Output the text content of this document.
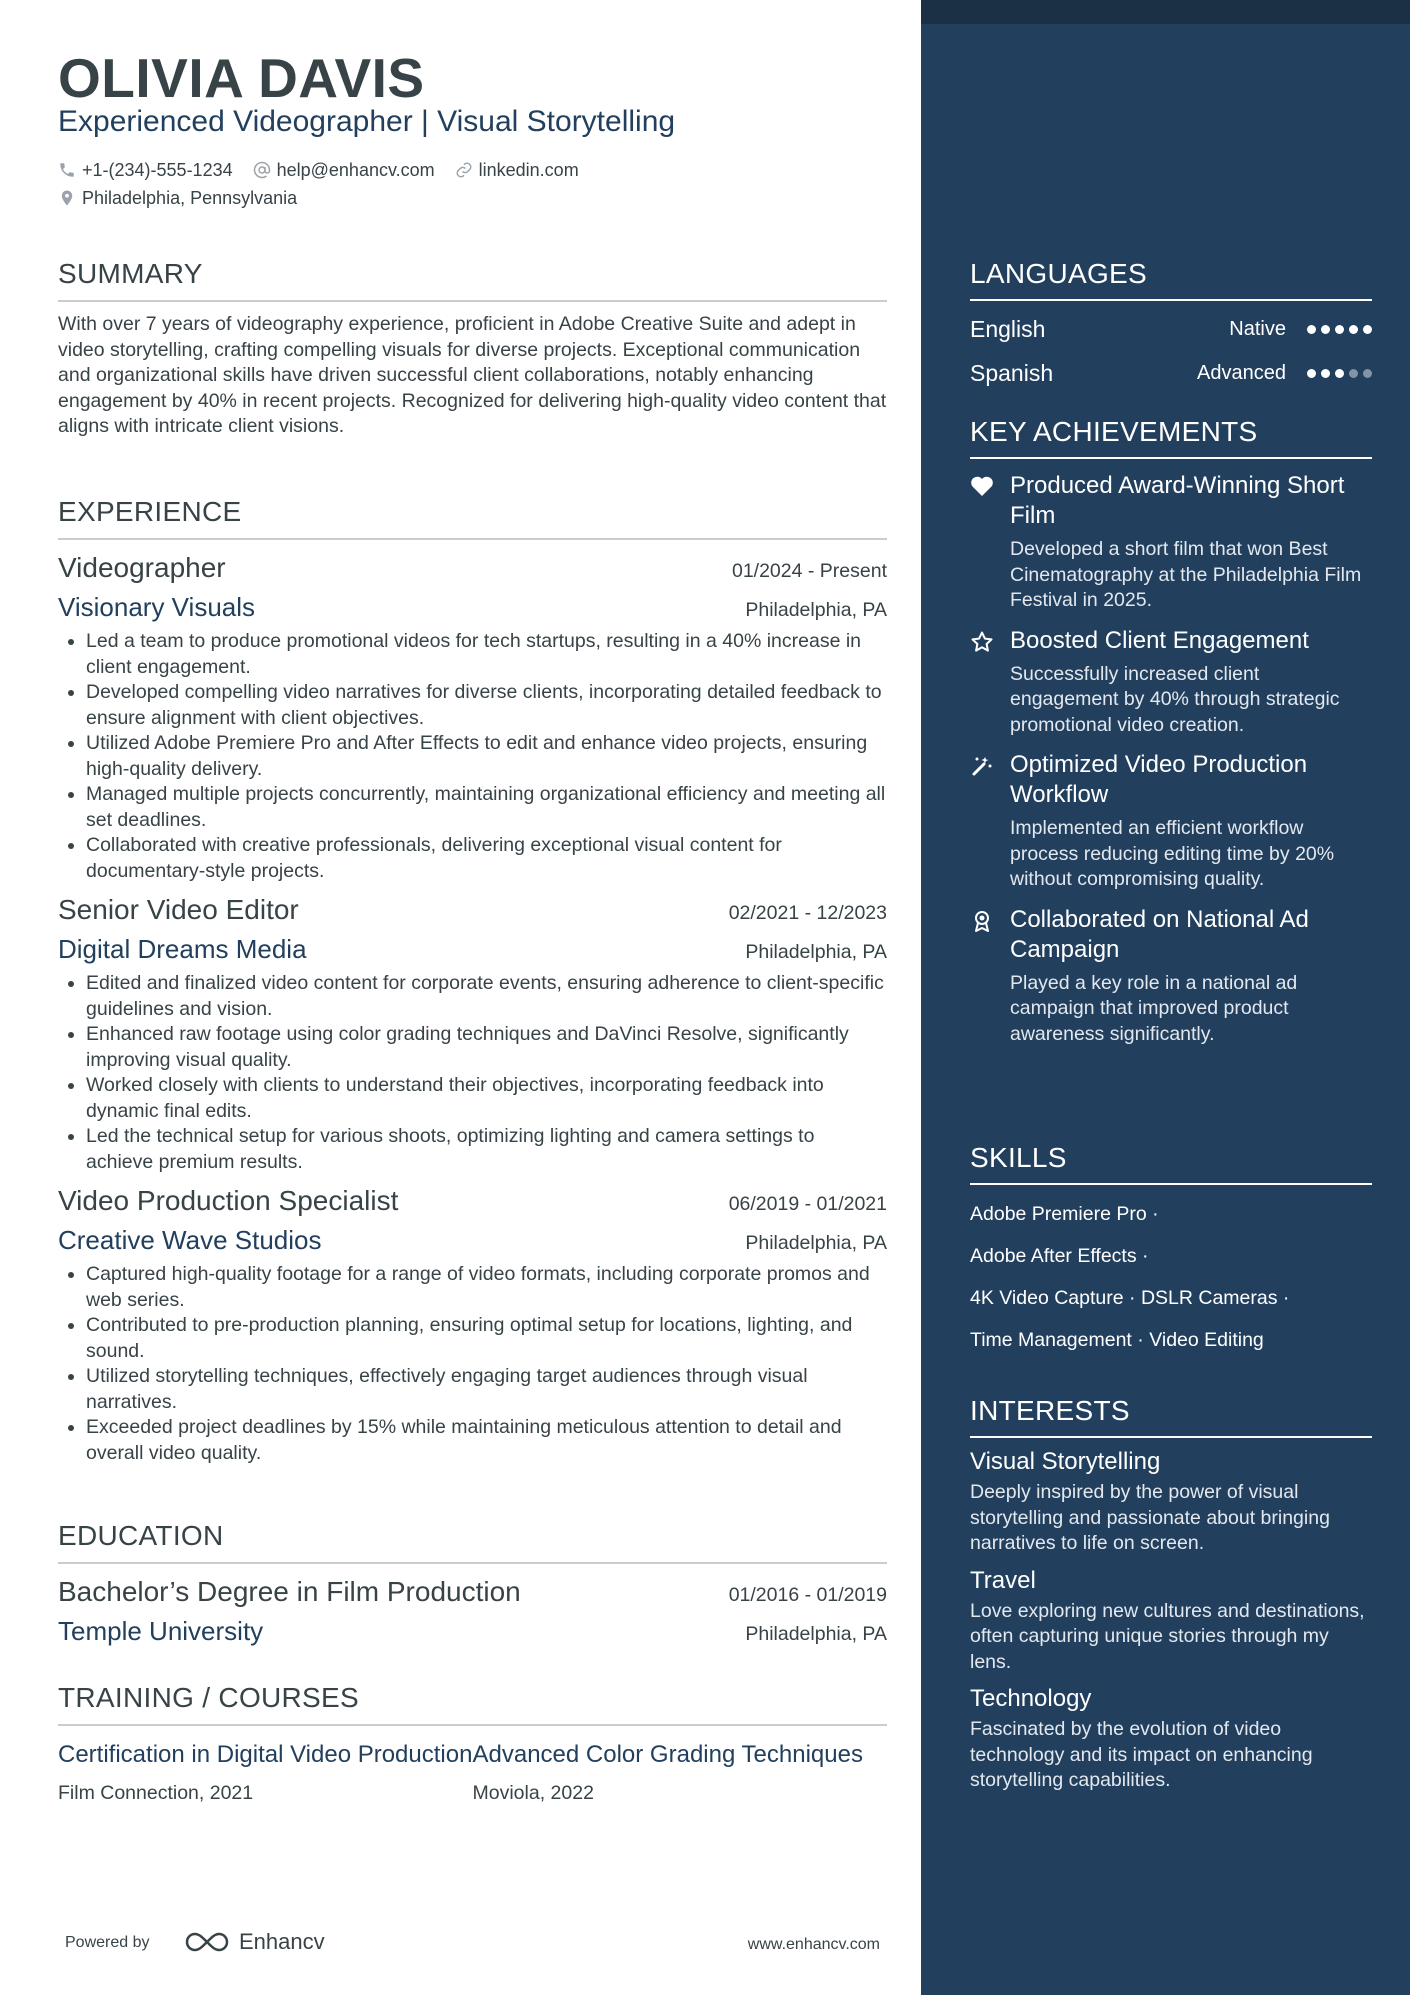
OLIVIA DAVIS
Experienced Videographer | Visual Storytelling
+1-(234)-555-1234 help@enhancv.com linkedin.com
Philadelphia, Pennsylvania
SUMMARY
With over 7 years of videography experience, proficient in Adobe Creative Suite and adept in video storytelling, crafting compelling visuals for diverse projects. Exceptional communication and organizational skills have driven successful client collaborations, notably enhancing engagement by 40% in recent projects. Recognized for delivering high-quality video content that aligns with intricate client visions.
EXPERIENCE
Videographer	01/2024 - Present
Visionary Visuals	Philadelphia, PA
• Led a team to produce promotional videos for tech startups, resulting in a 40% increase in client engagement.
• Developed compelling video narratives for diverse clients, incorporating detailed feedback to ensure alignment with client objectives.
• Utilized Adobe Premiere Pro and After Effects to edit and enhance video projects, ensuring high-quality delivery.
• Managed multiple projects concurrently, maintaining organizational efficiency and meeting all set deadlines.
• Collaborated with creative professionals, delivering exceptional visual content for documentary-style projects.
Senior Video Editor	02/2021 - 12/2023
Digital Dreams Media	Philadelphia, PA
• Edited and finalized video content for corporate events, ensuring adherence to client-specific guidelines and vision.
• Enhanced raw footage using color grading techniques and DaVinci Resolve, significantly improving visual quality.
• Worked closely with clients to understand their objectives, incorporating feedback into dynamic final edits.
• Led the technical setup for various shoots, optimizing lighting and camera settings to achieve premium results.
Video Production Specialist	06/2019 - 01/2021
Creative Wave Studios	Philadelphia, PA
• Captured high-quality footage for a range of video formats, including corporate promos and web series.
• Contributed to pre-production planning, ensuring optimal setup for locations, lighting, and sound.
• Utilized storytelling techniques, effectively engaging target audiences through visual narratives.
• Exceeded project deadlines by 15% while maintaining meticulous attention to detail and overall video quality.
EDUCATION
Bachelor’s Degree in Film Production	01/2016 - 01/2019
Temple University	Philadelphia, PA
TRAINING / COURSES
Certification in Digital Video Production
Film Connection, 2021
Advanced Color Grading Techniques
Moviola, 2022
Powered by	Enhancv	www.enhancv.com
LANGUAGES
English	Native
Spanish	Advanced
KEY ACHIEVEMENTS
Produced Award-Winning Short Film
Developed a short film that won Best Cinematography at the Philadelphia Film Festival in 2025.
Boosted Client Engagement
Successfully increased client engagement by 40% through strategic promotional video creation.
Optimized Video Production Workflow
Implemented an efficient workflow process reducing editing time by 20% without compromising quality.
Collaborated on National Ad Campaign
Played a key role in a national ad campaign that improved product awareness significantly.
SKILLS
Adobe Premiere Pro ·
Adobe After Effects ·
4K Video Capture · DSLR Cameras ·
Time Management · Video Editing
INTERESTS
Visual Storytelling
Deeply inspired by the power of visual storytelling and passionate about bringing narratives to life on screen.
Travel
Love exploring new cultures and destinations, often capturing unique stories through my lens.
Technology
Fascinated by the evolution of video technology and its impact on enhancing storytelling capabilities.
